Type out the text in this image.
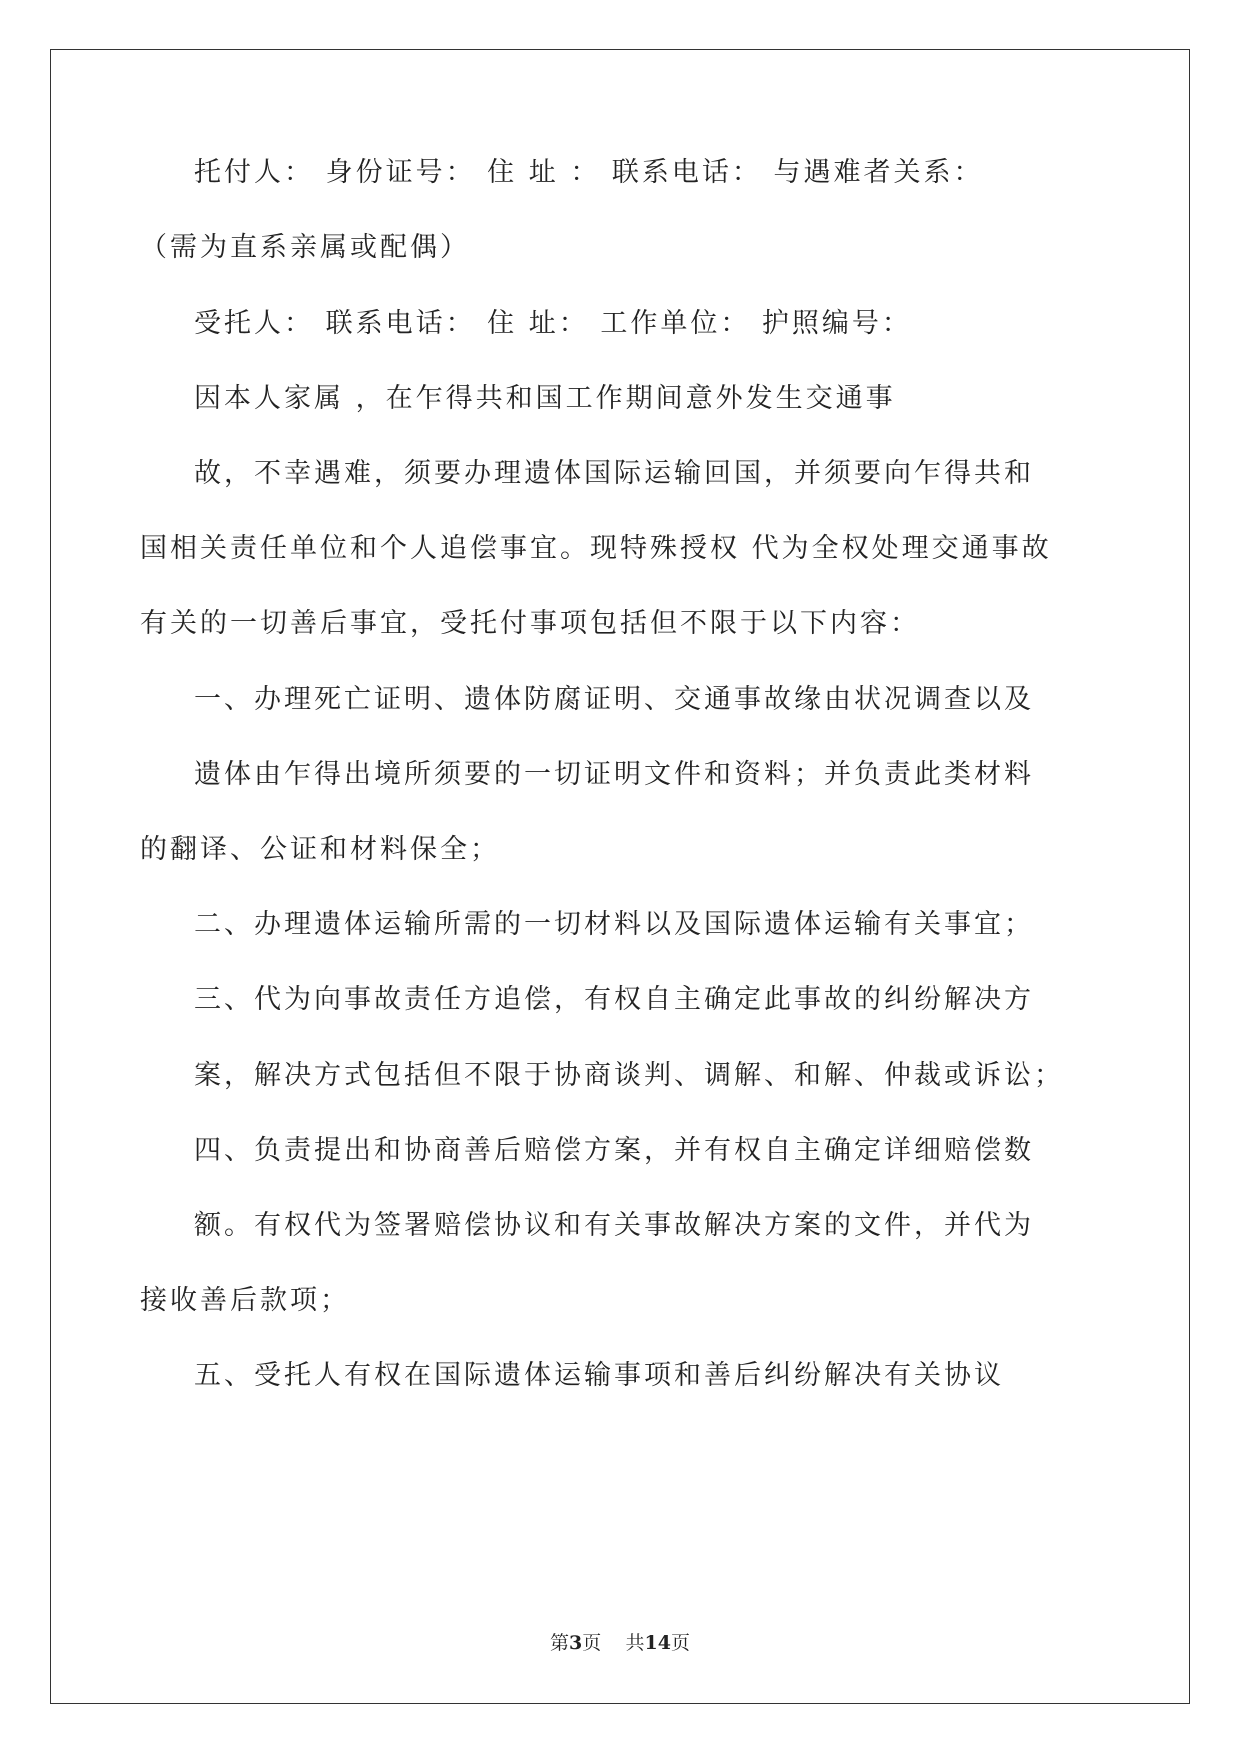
托付人： 身份证号： 住 址 ： 联系电话： 与遇难者关系：
（需为直系亲属或配偶）
受托人： 联系电话： 住 址： 工作单位： 护照编号：
因本人家属 ，在乍得共和国工作期间意外发生交通事
故，不幸遇难，须要办理遗体国际运输回国，并须要向乍得共和
国相关责任单位和个人追偿事宜。现特殊授权 代为全权处理交通事故
有关的一切善后事宜，受托付事项包括但不限于以下内容：
一、办理死亡证明、遗体防腐证明、交通事故缘由状况调查以及
遗体由乍得出境所须要的一切证明文件和资料；并负责此类材料
的翻译、公证和材料保全；
二、办理遗体运输所需的一切材料以及国际遗体运输有关事宜；
三、代为向事故责任方追偿，有权自主确定此事故的纠纷解决方
案，解决方式包括但不限于协商谈判、调解、和解、仲裁或诉讼；
四、负责提出和协商善后赔偿方案，并有权自主确定详细赔偿数
额。有权代为签署赔偿协议和有关事故解决方案的文件，并代为
接收善后款项；
五、受托人有权在国际遗体运输事项和善后纠纷解决有关协议
第3页 共14页
